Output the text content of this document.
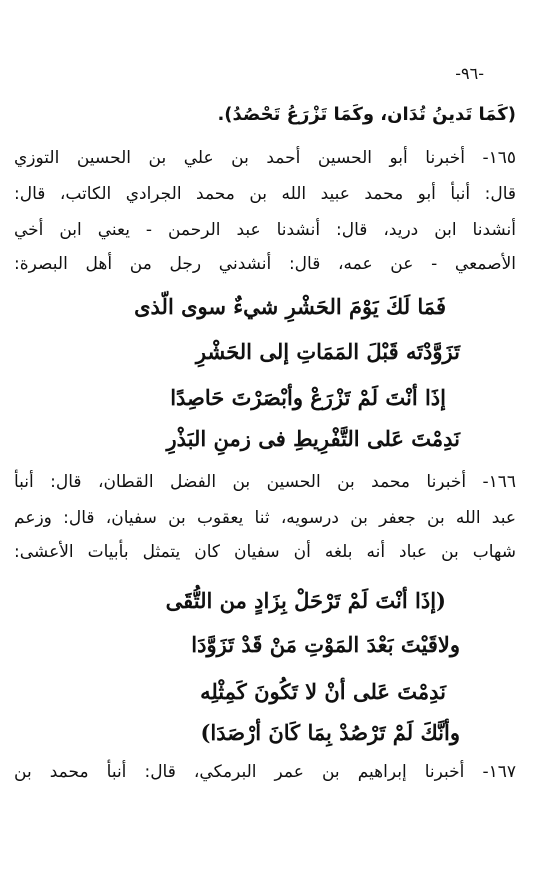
-٩٦-
(كَمَا تَدينُ تُدَان، وكَمَا تَزْرَعُ تَحْصُدُ).
١٦٥- أخبرنا أبو الحسين أحمد بن علي بن الحسين التوزي
قال: أنبأ أبو محمد عبيد الله بن محمد الجرادي الكاتب، قال:
أنشدنا ابن دريد، قال: أنشدنا عبد الرحمن - يعني ابن أخي
الأصمعي - عن عمه، قال: أنشدني رجل من أهل البصرة:
فَمَا لَكَ يَوْمَ الحَشْرِ شيءٌ سوى الّذى
تَزَوَّدْتَه قَبْلَ المَمَاتِ إلى الحَشْرِ
إذَا أنْتَ لَمْ تَزْرَعْ وأبْصَرْتَ حَاصِدًا
نَدِمْتَ عَلى التَّفْرِيطِ فى زمنِ البَذْرِ
١٦٦- أخبرنا محمد بن الحسين بن الفضل القطان، قال: أنبأ
عبد الله بن جعفر بن درسويه، ثنا يعقوب بن سفيان، قال: وزعم
شهاب بن عباد أنه بلغه أن سفيان كان يتمثل بأبيات الأعشى:
(إذَا أنْتَ لَمْ تَرْحَلْ بِزَادٍ من التُّقَى
ولاقَيْتَ بَعْدَ المَوْتِ مَنْ قَدْ تَزَوَّدَا
نَدِمْتَ عَلى أنْ لا تَكُونَ كَمِثْلِه
وأنَّكَ لَمْ تَرْصُدْ بِمَا كَانَ أرْصَدَا)
١٦٧- أخبرنا إبراهيم بن عمر البرمكي، قال: أنبأ محمد بن
